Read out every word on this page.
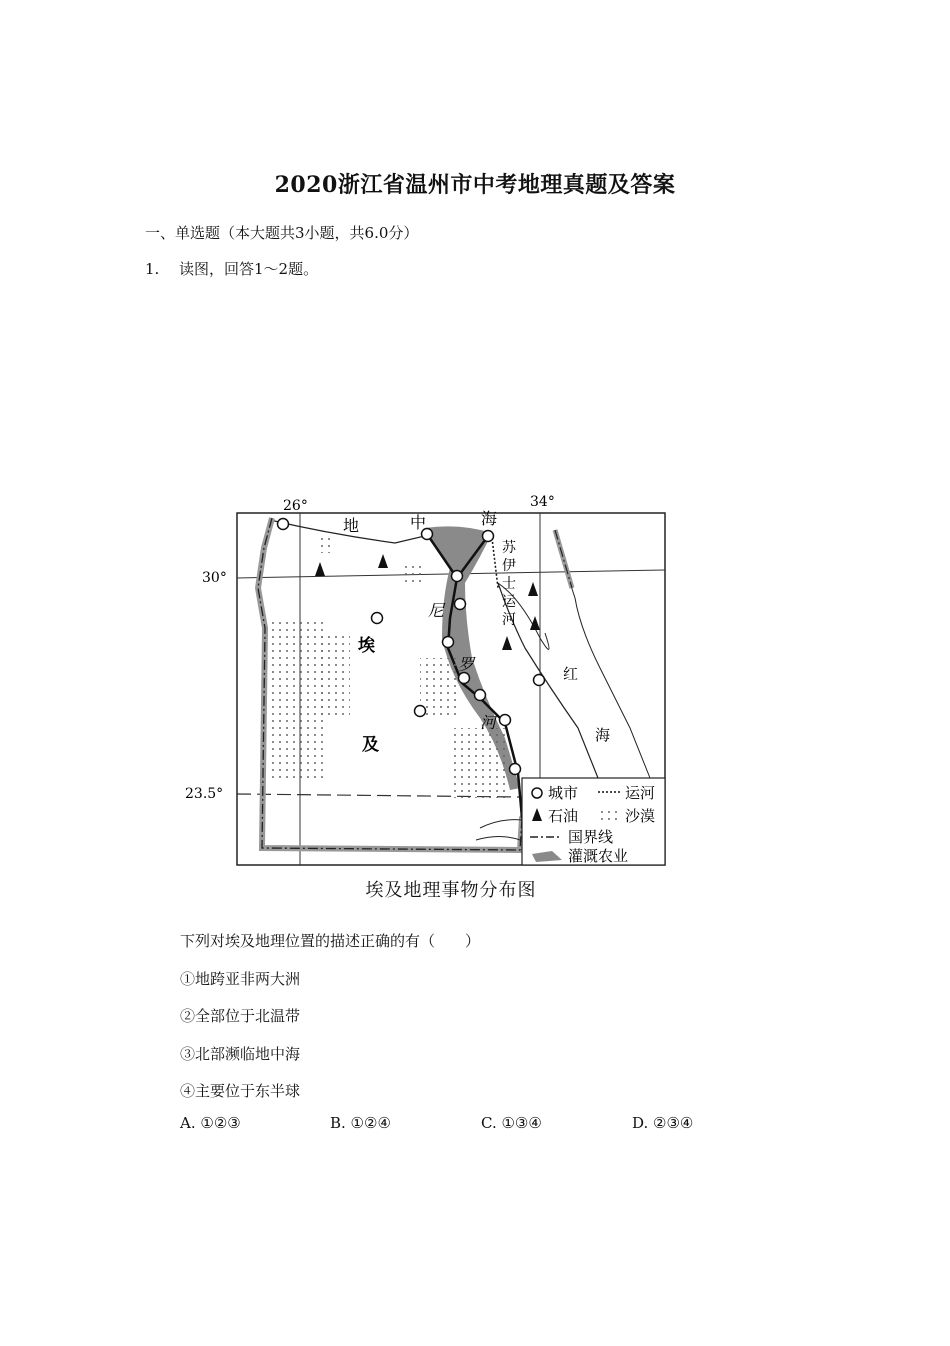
2020浙江省温州市中考地理真题及答案
一、单选题（本大题共3小题，共6.0分）
1. 读图，回答1～2题。
26°	34°
30°
23.5°
地	中	海
苏
伊
士
运
河
埃
及
尼
罗
河
红
海
城市	运河
石油	沙漠
国界线
灌溉农业
埃及地理事物分布图
下列对埃及地理位置的描述正确的有（　　）
①地跨亚非两大洲
②全部位于北温带
③北部濒临地中海
④主要位于东半球
A. ①②③	B. ①②④	C. ①③④	D. ②③④
